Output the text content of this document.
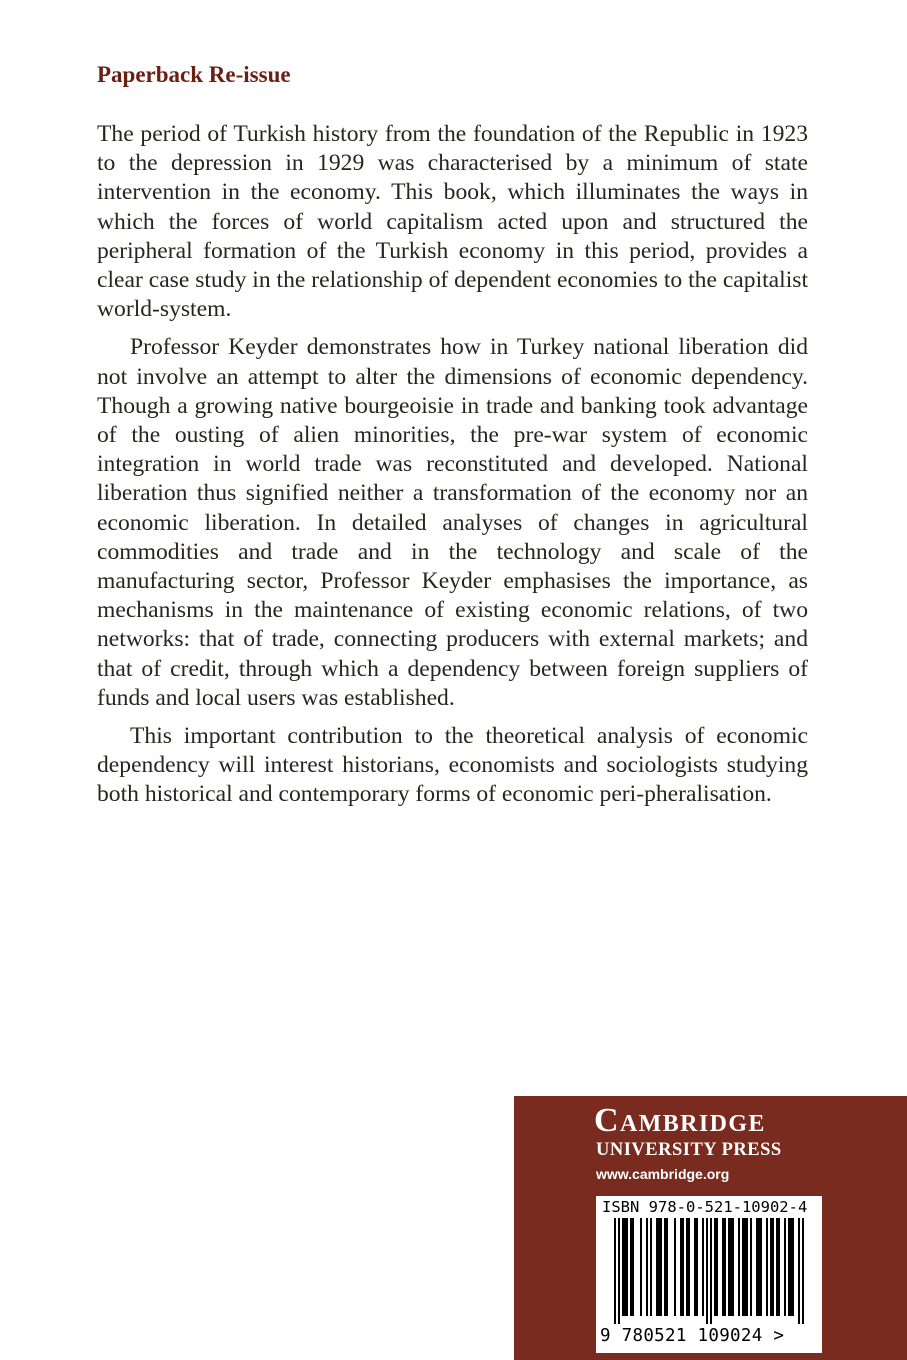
Paperback Re-issue

The period of Turkish history from the foundation of the Republic in 1923 to the depression in 1929 was characterised by a minimum of state intervention in the economy. This book, which illuminates the ways in which the forces of world capitalism acted upon and structured the peripheral formation of the Turkish economy in this period, provides a clear case study in the relationship of dependent economies to the capitalist world-system.

Professor Keyder demonstrates how in Turkey national liberation did not involve an attempt to alter the dimensions of economic dependency. Though a growing native bourgeoisie in trade and banking took advantage of the ousting of alien minorities, the pre-war system of economic integration in world trade was reconstituted and developed. National liberation thus signified neither a transformation of the economy nor an economic liberation. In detailed analyses of changes in agricultural commodities and trade and in the technology and scale of the manufacturing sector, Professor Keyder emphasises the importance, as mechanisms in the maintenance of existing economic relations, of two networks: that of trade, connecting producers with external markets; and that of credit, through which a dependency between foreign suppliers of funds and local users was established.

This important contribution to the theoretical analysis of economic dependency will interest historians, economists and sociologists studying both historical and contemporary forms of economic peri-pheralisation.

Cambridge
UNIVERSITY PRESS
www.cambridge.org
ISBN 978-0-521-10902-4
9 780521 109024 >
